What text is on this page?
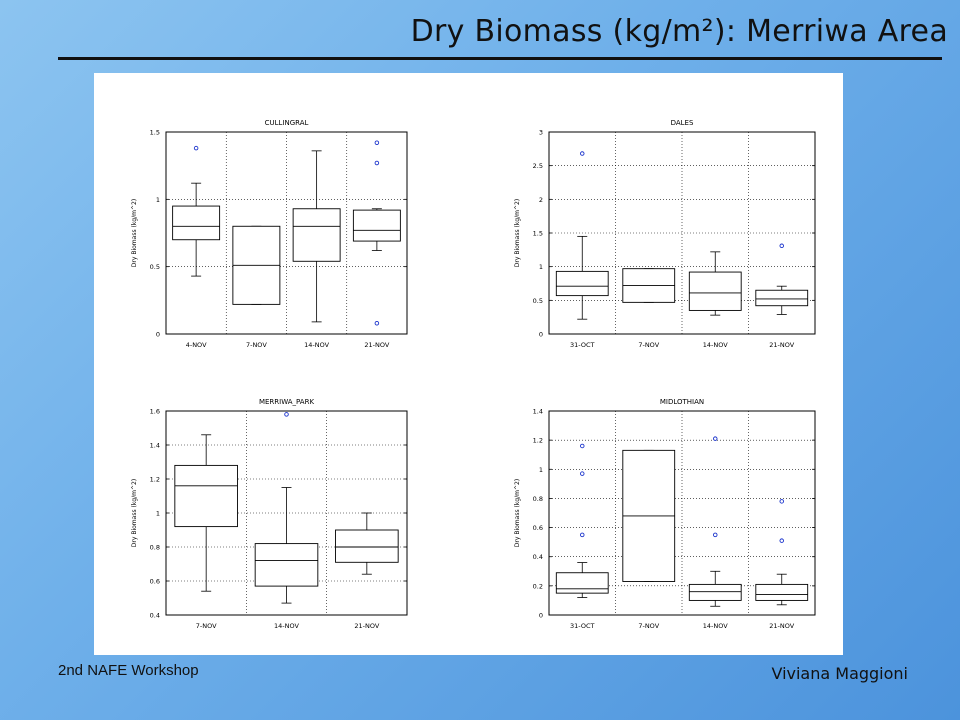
Dry Biomass (kg/m²): Merriwa Area
CULLINGRAL
0
0.5
1
1.5
Dry Biomass (kg/m^2)
4-NOV	7-NOV	14-NOV	21-NOV
DALES
0
0.5
1
1.5
2
2.5
3
Dry Biomass (kg/m^2)
31-OCT	7-NOV	14-NOV	21-NOV
MERRIWA_PARK
0.4
0.6
0.8
1
1.2
1.4
1.6
Dry Biomass (kg/m^2)
7-NOV	14-NOV	21-NOV
MIDLOTHIAN
0
0.2
0.4
0.6
0.8
1
1.2
1.4
Dry Biomass (kg/m^2)
31-OCT	7-NOV	14-NOV	21-NOV
2nd NAFE Workshop	Viviana Maggioni
